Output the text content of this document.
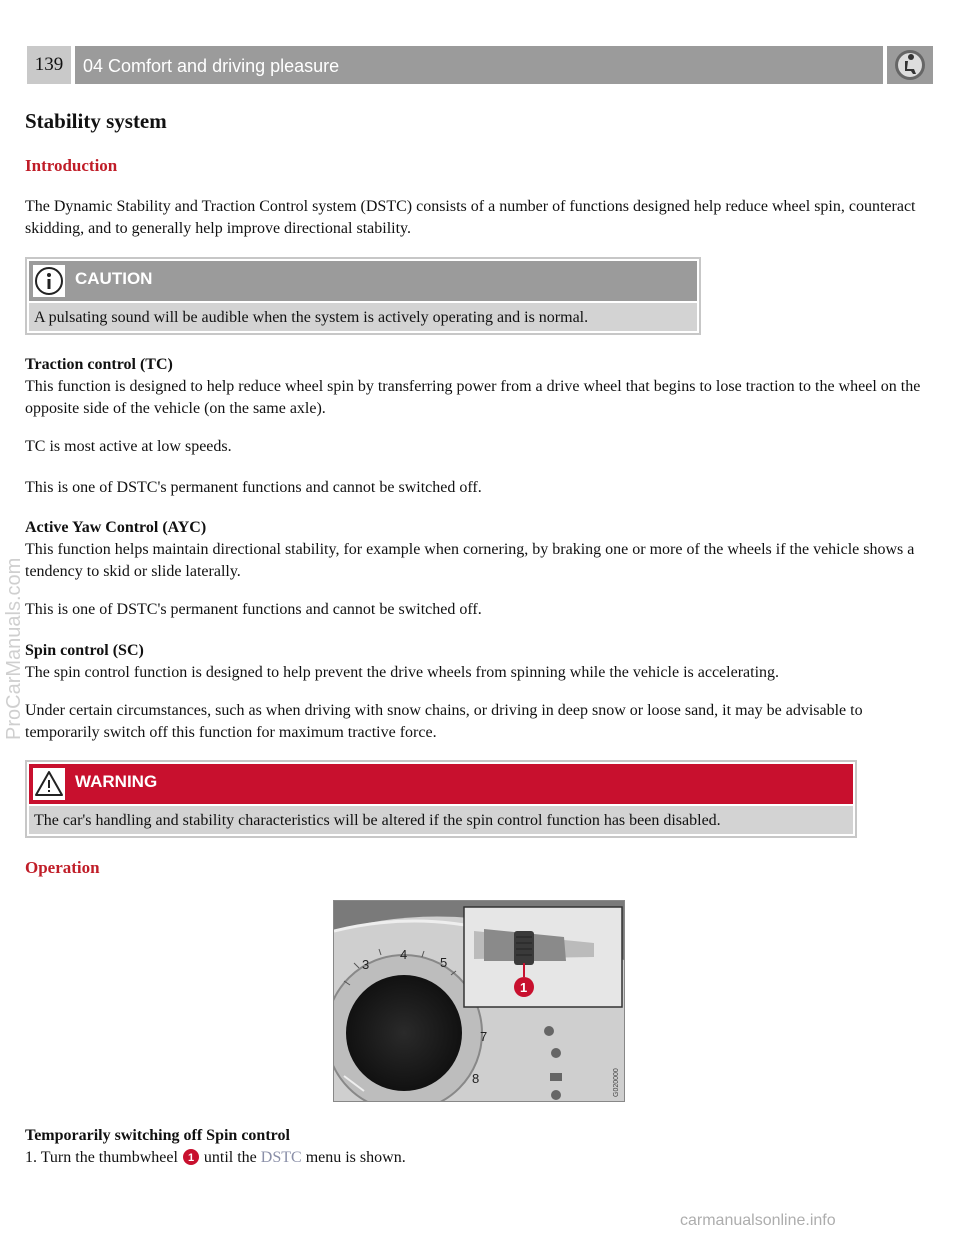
139	04 Comfort and driving pleasure
Stability system
Introduction

The Dynamic Stability and Traction Control system (DSTC) consists of a number of functions designed help reduce wheel spin, counteract skidding, and to generally help improve directional stability.

CAUTION
A pulsating sound will be audible when the system is actively operating and is normal.

Traction control (TC)
This function is designed to help reduce wheel spin by transferring power from a drive wheel that begins to lose traction to the wheel on the opposite side of the vehicle (on the same axle).

TC is most active at low speeds.

This is one of DSTC's permanent functions and cannot be switched off.

Active Yaw Control (AYC)
This function helps maintain directional stability, for example when cornering, by braking one or more of the wheels if the vehicle shows a tendency to skid or slide laterally.

This is one of DSTC's permanent functions and cannot be switched off.

Spin control (SC)
The spin control function is designed to help prevent the drive wheels from spinning while the vehicle is accelerating.

Under certain circumstances, such as when driving with snow chains, or driving in deep snow or loose sand, it may be advisable to temporarily switch off this function for maximum tractive force.

WARNING
The car's handling and stability characteristics will be altered if the spin control function has been disabled.
Operation
3
4
5
7
8
1
G020000

Temporarily switching off Spin control
1. Turn the thumbwheel 1 until the DSTC menu is shown.

ProCarManuals.com
carmanualsonline.info
